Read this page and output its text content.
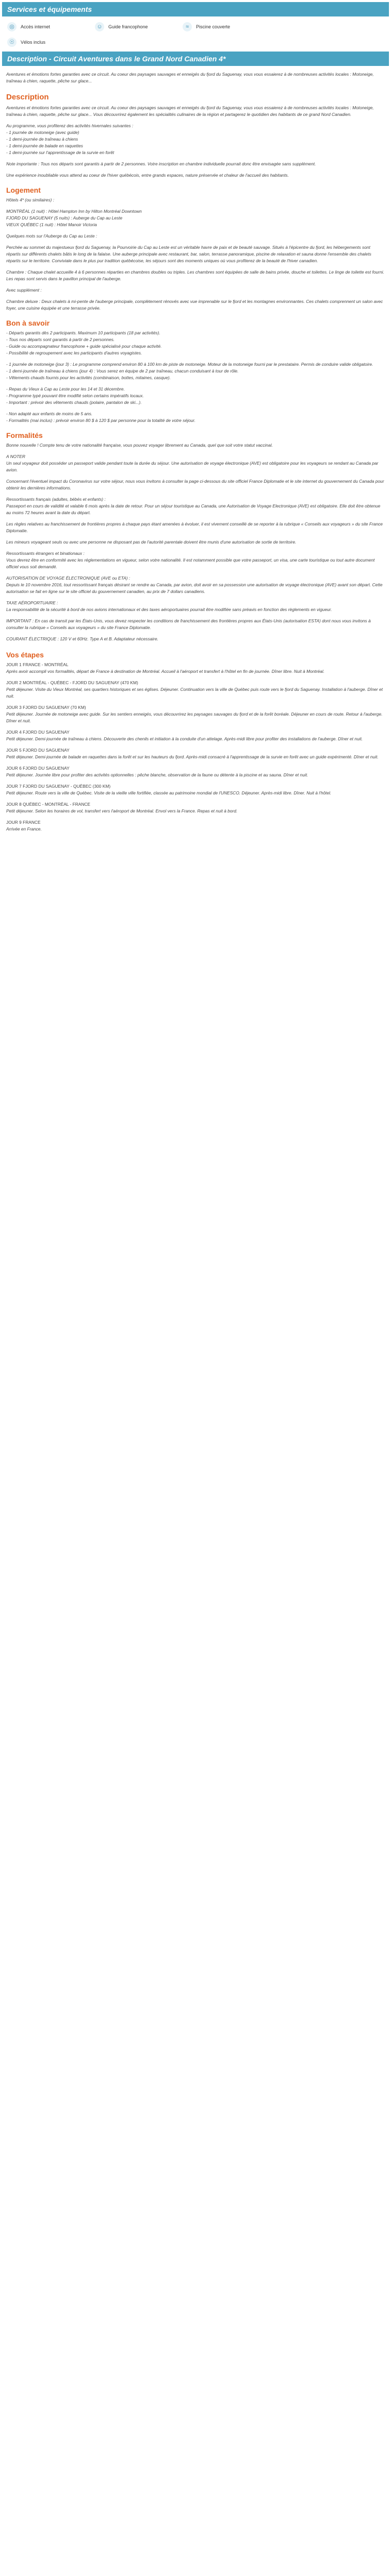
Services et équipements
◎	Accès internet	☺	Guide francophone	≈	Piscine couverte
☉	Vélos inclus
Description - Circuit Aventures dans le Grand Nord Canadien 4*

Aventures et émotions fortes garanties avec ce circuit. Au coeur des paysages sauvages et enneigés du fjord du Saguenay, vous vous essaierez à de nombreuses activités locales : Motoneige, traîneau à chien, raquette, pêche sur glace...

Description

Aventures et émotions fortes garanties avec ce circuit. Au coeur des paysages sauvages et enneigés du fjord du Saguenay, vous vous essaierez à de nombreuses activités locales : Motoneige, traîneau à chien, raquette, pêche sur glace... Vous découvrirez également les spécialités culinaires de la région et partagerez le quotidien des habitants de ce grand Nord Canadien.

Au programme, vous profiterez des activités hivernales suivantes :
- 1 journée de motoneige (avec guide)
- 1 demi-journée de traîneau à chiens
- 1 demi-journée de balade en raquettes
- 1 demi-journée sur l'apprentissage de la survie en forêt

Note importante : Tous nos départs sont garantis à partir de 2 personnes. Votre inscription en chambre individuelle pourrait donc être envisagée sans supplément.

Une expérience inoubliable vous attend au coeur de l'hiver québécois, entre grands espaces, nature préservée et chaleur de l'accueil des habitants.

Logement

Hôtels 4* (ou similaires) :

MONTRÉAL (1 nuit) : Hôtel Hampton Inn by Hilton Montréal Downtown
FJORD DU SAGUENAY (5 nuits) : Auberge du Cap au Leste
VIEUX QUÉBEC (1 nuit) : Hôtel Manoir Victoria

Quelques mots sur l'Auberge du Cap au Leste :

Perchée au sommet du majestueux fjord du Saguenay, la Pourvoirie du Cap au Leste est un véritable havre de paix et de beauté sauvage. Situés à l'épicentre du fjord, les hébergements sont répartis sur différents chalets bâtis le long de la falaise. Une auberge principale avec restaurant, bar, salon, terrasse panoramique, piscine de relaxation et sauna donne l'ensemble des chalets répartis sur le territoire. Conviviale dans le plus pur tradition québécoise, les séjours sont des moments uniques où vous profiterez de la beauté de l'hiver canadien.

Chambre : Chaque chalet accueille 4 à 6 personnes réparties en chambres doubles ou triples. Les chambres sont équipées de salle de bains privée, douche et toilettes. Le linge de toilette est fourni. Les repas sont servis dans le pavillon principal de l'auberge.

Avec supplément :

Chambre deluxe : Deux chalets à mi-pente de l'auberge principale, complètement rénovés avec vue imprenable sur le fjord et les montagnes environnantes. Ces chalets comprennent un salon avec foyer, une cuisine équipée et une terrasse privée.

Bon à savoir

- Départs garantis dès 2 participants. Maximum 10 participants (18 par activités).
- Tous nos départs sont garantis à partir de 2 personnes.
- Guide ou accompagnateur francophone + guide spécialisé pour chaque activité.
- Possibilité de regroupement avec les participants d'autres voyagistes.

- 1 journée de motoneige (jour 3) : Le programme comprend environ 80 à 100 km de piste de motoneige. Moteur de la motoneige fourni par le prestataire. Permis de conduire valide obligatoire.
- 1 demi-journée de traîneau à chiens (jour 4) : Vous serez en équipe de 2 par traîneau, chacun conduisant à tour de rôle.
- Vêtements chauds fournis pour les activités (combinaison, bottes, mitaines, casque).

- Repas du Vieux à Cap au Leste pour les 14 et 31 décembre.
- Programme typé pouvant être modifié selon certains impératifs locaux.
- Important : prévoir des vêtements chauds (polaire, pantalon de ski...).

- Non adapté aux enfants de moins de 5 ans.
- Formalités (mai inclus) : prévoir environ 80 $ à 120 $ par personne pour la totalité de votre séjour.

Formalités

Bonne nouvelle ! Compte tenu de votre nationalité française, vous pouvez voyager librement au Canada, quel que soit votre statut vaccinal.

A NOTER
Un seul voyageur doit posséder un passeport valide pendant toute la durée du séjour. Une autorisation de voyage électronique (AVE) est obligatoire pour les voyageurs se rendant au Canada par avion.

Concernant l'éventuel impact du Coronavirus sur votre séjour, nous vous invitons à consulter la page ci-dessous du site officiel France Diplomatie et le site internet du gouvernement du Canada pour obtenir les dernières informations.

Ressortissants français (adultes, bébés et enfants) :
Passeport en cours de validité et valable 6 mois après la date de retour. Pour un séjour touristique au Canada, une Autorisation de Voyage Electronique (AVE) est obligatoire. Elle doit être obtenue au moins 72 heures avant la date du départ.

Les règles relatives au franchissement de frontières propres à chaque pays étant amenées à évoluer, il est vivement conseillé de se reporter à la rubrique « Conseils aux voyageurs » du site France Diplomatie.

Les mineurs voyageant seuls ou avec une personne ne disposant pas de l'autorité parentale doivent être munis d'une autorisation de sortie de territoire.

Ressortissants étrangers et binationaux :
Vous devrez être en conformité avec les réglementations en vigueur, selon votre nationalité. Il est notamment possible que votre passeport, un visa, une carte touristique ou tout autre document officiel vous soit demandé.

AUTORISATION DE VOYAGE ÉLECTRONIQUE (AVE ou ETA) :
Depuis le 10 novembre 2016, tout ressortissant français désirant se rendre au Canada, par avion, doit avoir en sa possession une autorisation de voyage électronique (AVE) avant son départ. Cette autorisation se fait en ligne sur le site officiel du gouvernement canadien, au prix de 7 dollars canadiens.

TAXE AÉROPORTUAIRE :
La responsabilité de la sécurité à bord de nos avions internationaux et des taxes aéroportuaires pourrait être modifiée sans préavis en fonction des règlements en vigueur.

IMPORTANT : En cas de transit par les États-Unis, vous devez respecter les conditions de franchissement des frontières propres aux États-Unis (autorisation ESTA) dont nous vous invitons à consulter la rubrique « Conseils aux voyageurs » du site France Diplomatie.

COURANT ÉLECTRIQUE : 120 V et 60Hz. Type A et B. Adaptateur nécessaire.

Vos étapes
JOUR 1 FRANCE - MONTRÉAL
Après avoir accompli vos formalités, départ de France à destination de Montréal. Accueil à l'aéroport et transfert à l'hôtel en fin de journée. Dîner libre. Nuit à Montréal.
JOUR 2 MONTRÉAL - QUÉBEC - FJORD DU SAGUENAY (470 KM)
Petit déjeuner. Visite du Vieux Montréal, ses quartiers historiques et ses églises. Déjeuner. Continuation vers la ville de Québec puis route vers le fjord du Saguenay. Installation à l'auberge. Dîner et nuit.
JOUR 3 FJORD DU SAGUENAY (70 KM)
Petit déjeuner. Journée de motoneige avec guide. Sur les sentiers enneigés, vous découvrirez les paysages sauvages du fjord et de la forêt boréale. Déjeuner en cours de route. Retour à l'auberge. Dîner et nuit.
JOUR 4 FJORD DU SAGUENAY
Petit déjeuner. Demi-journée de traîneau à chiens. Découverte des chenils et initiation à la conduite d'un attelage. Après-midi libre pour profiter des installations de l'auberge. Dîner et nuit.
JOUR 5 FJORD DU SAGUENAY
Petit déjeuner. Demi-journée de balade en raquettes dans la forêt et sur les hauteurs du fjord. Après-midi consacré à l'apprentissage de la survie en forêt avec un guide expérimenté. Dîner et nuit.
JOUR 6 FJORD DU SAGUENAY
Petit déjeuner. Journée libre pour profiter des activités optionnelles : pêche blanche, observation de la faune ou détente à la piscine et au sauna. Dîner et nuit.
JOUR 7 FJORD DU SAGUENAY - QUÉBEC (300 KM)
Petit déjeuner. Route vers la ville de Québec. Visite de la vieille ville fortifiée, classée au patrimoine mondial de l'UNESCO. Déjeuner. Après-midi libre. Dîner. Nuit à l'hôtel.
JOUR 8 QUÉBEC - MONTRÉAL - FRANCE
Petit déjeuner. Selon les horaires de vol, transfert vers l'aéroport de Montréal. Envol vers la France. Repas et nuit à bord.
JOUR 9 FRANCE
Arrivée en France.
